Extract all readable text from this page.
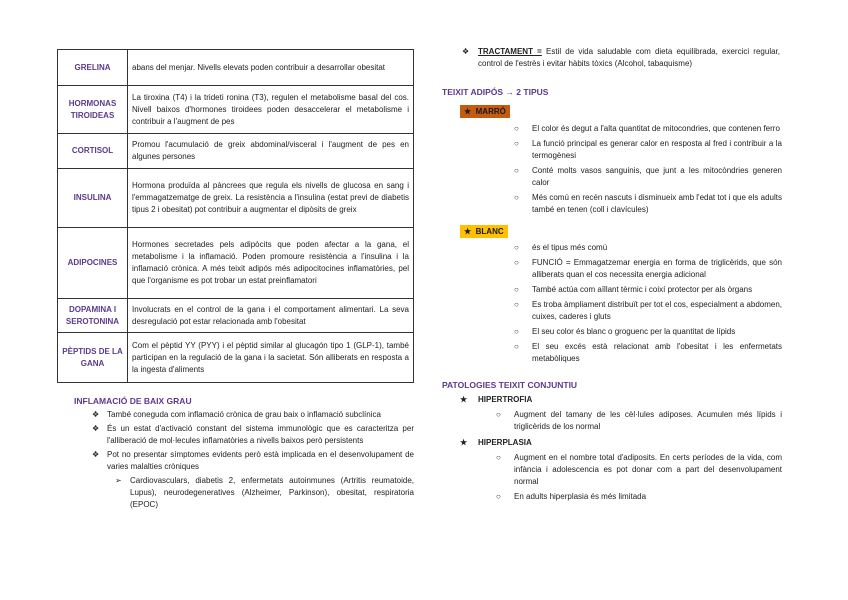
GRELINA	abans del menjar. Nivells elevats poden contribuir a desarrollar obesitat
HORMONAS TIROIDEAS	La tiroxina (T4) i la trideti ronina (T3), regulen el metabolisme basal del cos. Nivell baixos d'hormones tiroidees poden desaccelerar el metabolisme i contribuir a l'augment de pes
CORTISOL	Promou l'acumulació de greix abdominal/visceral i l'augment de pes en algunes persones
INSULINA	Hormona produïda al pàncrees que regula els nivells de glucosa en sang i l'emmagatzematge de greix. La resistència a l'insulina (estat previ de diabetis tipus 2 i obesitat) pot contribuir a augmentar el dipòsits de greix
ADIPOCINES	Hormones secretades pels adipòcits que poden afectar a la gana, el metabolisme i la inflamació. Poden promoure resistència a l'insulina i la inflamació crònica. A més teixit adipós més adipocitocines inflamatòries, pel que l'organisme es pot trobar un estat preinflamatori
DOPAMINA I SEROTONINA	Involucrats en el control de la gana i el comportament alimentari. La seva desregulació pot estar relacionada amb l'obesitat
PÈPTIDS DE LA GANA	Com el pèptid YY (PYY) i el pèptid similar al glucagón tipo 1 (GLP-1), també participan en la regulació de la gana i la sacietat. Són alliberats en resposta a la ingesta d'aliments

INFLAMACIÓ DE BAIX GRAU

❖ També coneguda com inflamació crònica de grau baix o inflamació subclínica
❖ És un estat d'activació constant del sistema immunològic que es caracteritza per l'alliberació de mol·lecules inflamatòries a nivells baixos però persistents
❖ Pot no presentar símptomes evidents però està implicada en el desenvolupament de varies malalties cròniques
➢ Cardiovasculars, diabetis 2, enfermetats autoinmunes (Artritis reumatoide, Lupus), neurodegeneratives (Alzheimer, Parkinson), obesitat, respiratoria (EPOC)
❖ TRACTAMENT = Estil de vida saludable com dieta equilibrada, exercici regular, control de l'estrès i evitar hàbits tòxics (Alcohol, tabaquisme)

TEIXIT ADIPÓS → 2 TIPUS

★ MARRÓ
○ El color és degut a l'alta quantitat de mitocondries, que contenen ferro
○ La funció principal es generar calor en resposta al fred i contribuir a la termogènesi
○ Conté molts vasos sanguinis, que junt a les mitocòndries generen calor
○ Més comú en recén nascuts i disminueix amb l'edat tot i que els adults també en tenen (coll i clavícules)
★ BLANC
○ és el tipus més comú
○ FUNCIÓ = Emmagatzemar energia en forma de triglicèrids, que són alliberats quan el cos necessita energia adicional
○ També actúa com aïllant tèrmic i coixí protector per als òrgans
○ Es troba àmpliament distribuït per tot el cos, especialment a abdomen, cuixes, caderes i gluts
○ El seu color és blanc o groguenc per la quantitat de lípids
○ El seu excés està relacionat amb l'obesitat i les enfermetats metabòliques

PATOLOGIES TEIXIT CONJUNTIU

★ HIPERTROFIA
○ Augment del tamany de les cèl·lules adiposes. Acumulen més lípids i triglicèrids de los normal
★ HIPERPLASIA
○ Augment en el nombre total d'adiposits. En certs períodes de la vida, com infància i adolescencia es pot donar com a part del desenvolupament normal
○ En adults hiperplasia és més limitada
